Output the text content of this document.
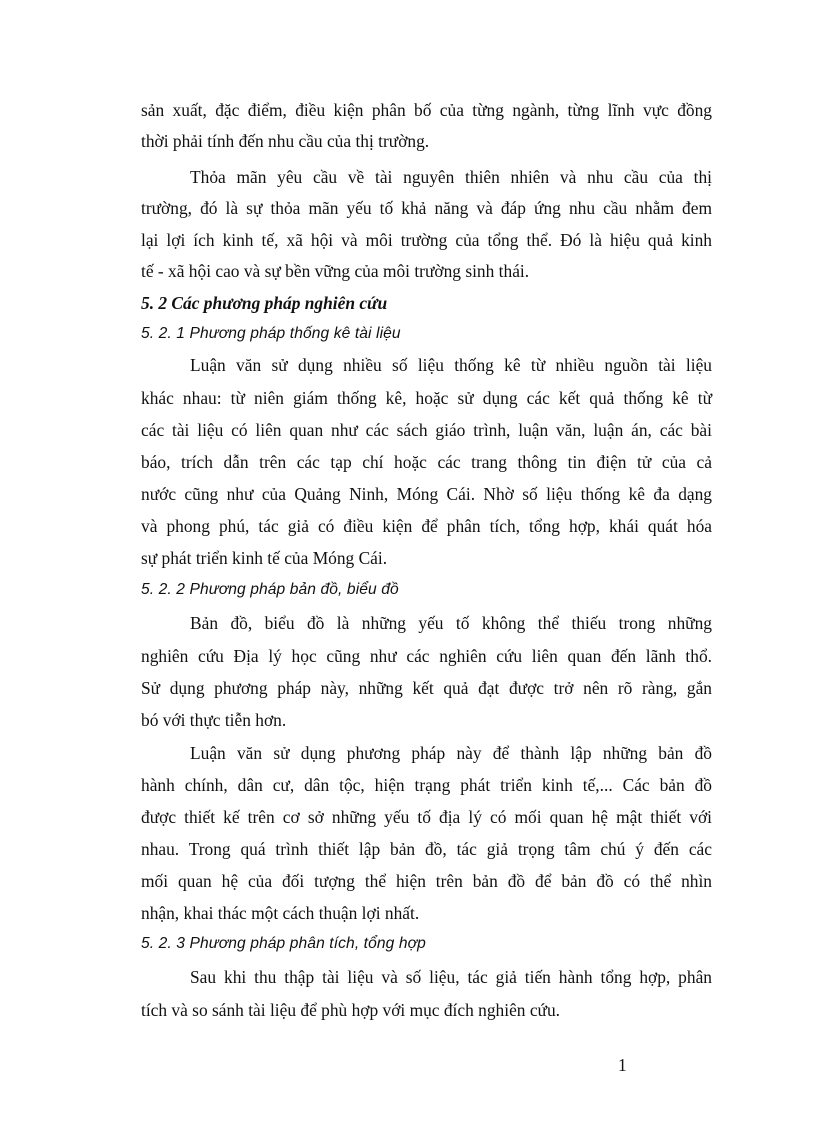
sản xuất, đặc điểm, điều kiện phân bố của từng ngành, từng lĩnh vực đồng
thời phải tính đến nhu cầu của thị trường.
Thỏa mãn yêu cầu về tài nguyên thiên nhiên và nhu cầu của thị
trường, đó là sự thỏa mãn yếu tố khả năng và đáp ứng nhu cầu nhằm đem
lại lợi ích kinh tế, xã hội và môi trường của tổng thể. Đó là hiệu quả kinh
tế - xã hội cao và sự bền vững của môi trường sinh thái.
5. 2 Các phương pháp nghiên cứu
5. 2. 1 Phương pháp thống kê tài liệu
Luận văn sử dụng nhiều số liệu thống kê từ nhiều nguồn tài liệu
khác nhau: từ niên giám thống kê, hoặc sử dụng các kết quả thống kê từ
các tài liệu có liên quan như các sách giáo trình, luận văn, luận án, các bài
báo, trích dẫn trên các tạp chí hoặc các trang thông tin điện tử của cả
nước cũng như của Quảng Ninh, Móng Cái. Nhờ số liệu thống kê đa dạng
và phong phú, tác giả có điều kiện để phân tích, tổng hợp, khái quát hóa
sự phát triển kinh tế của Móng Cái.
5. 2. 2 Phương pháp bản đồ, biểu đồ
Bản đồ, biểu đồ là những yếu tố không thể thiếu trong những
nghiên cứu Địa lý học cũng như các nghiên cứu liên quan đến lãnh thổ.
Sử dụng phương pháp này, những kết quả đạt được trở nên rõ ràng, gắn
bó với thực tiễn hơn.
Luận văn sử dụng phương pháp này để thành lập những bản đồ
hành chính, dân cư, dân tộc, hiện trạng phát triển kinh tế,... Các bản đồ
được thiết kế trên cơ sở những yếu tố địa lý có mối quan hệ mật thiết với
nhau. Trong quá trình thiết lập bản đồ, tác giả trọng tâm chú ý đến các
mối quan hệ của đối tượng thể hiện trên bản đồ để bản đồ có thể nhìn
nhận, khai thác một cách thuận lợi nhất.
5. 2. 3 Phương pháp phân tích, tổng hợp
Sau khi thu thập tài liệu và số liệu, tác giả tiến hành tổng hợp, phân
tích và so sánh tài liệu để phù hợp với mục đích nghiên cứu.
1
